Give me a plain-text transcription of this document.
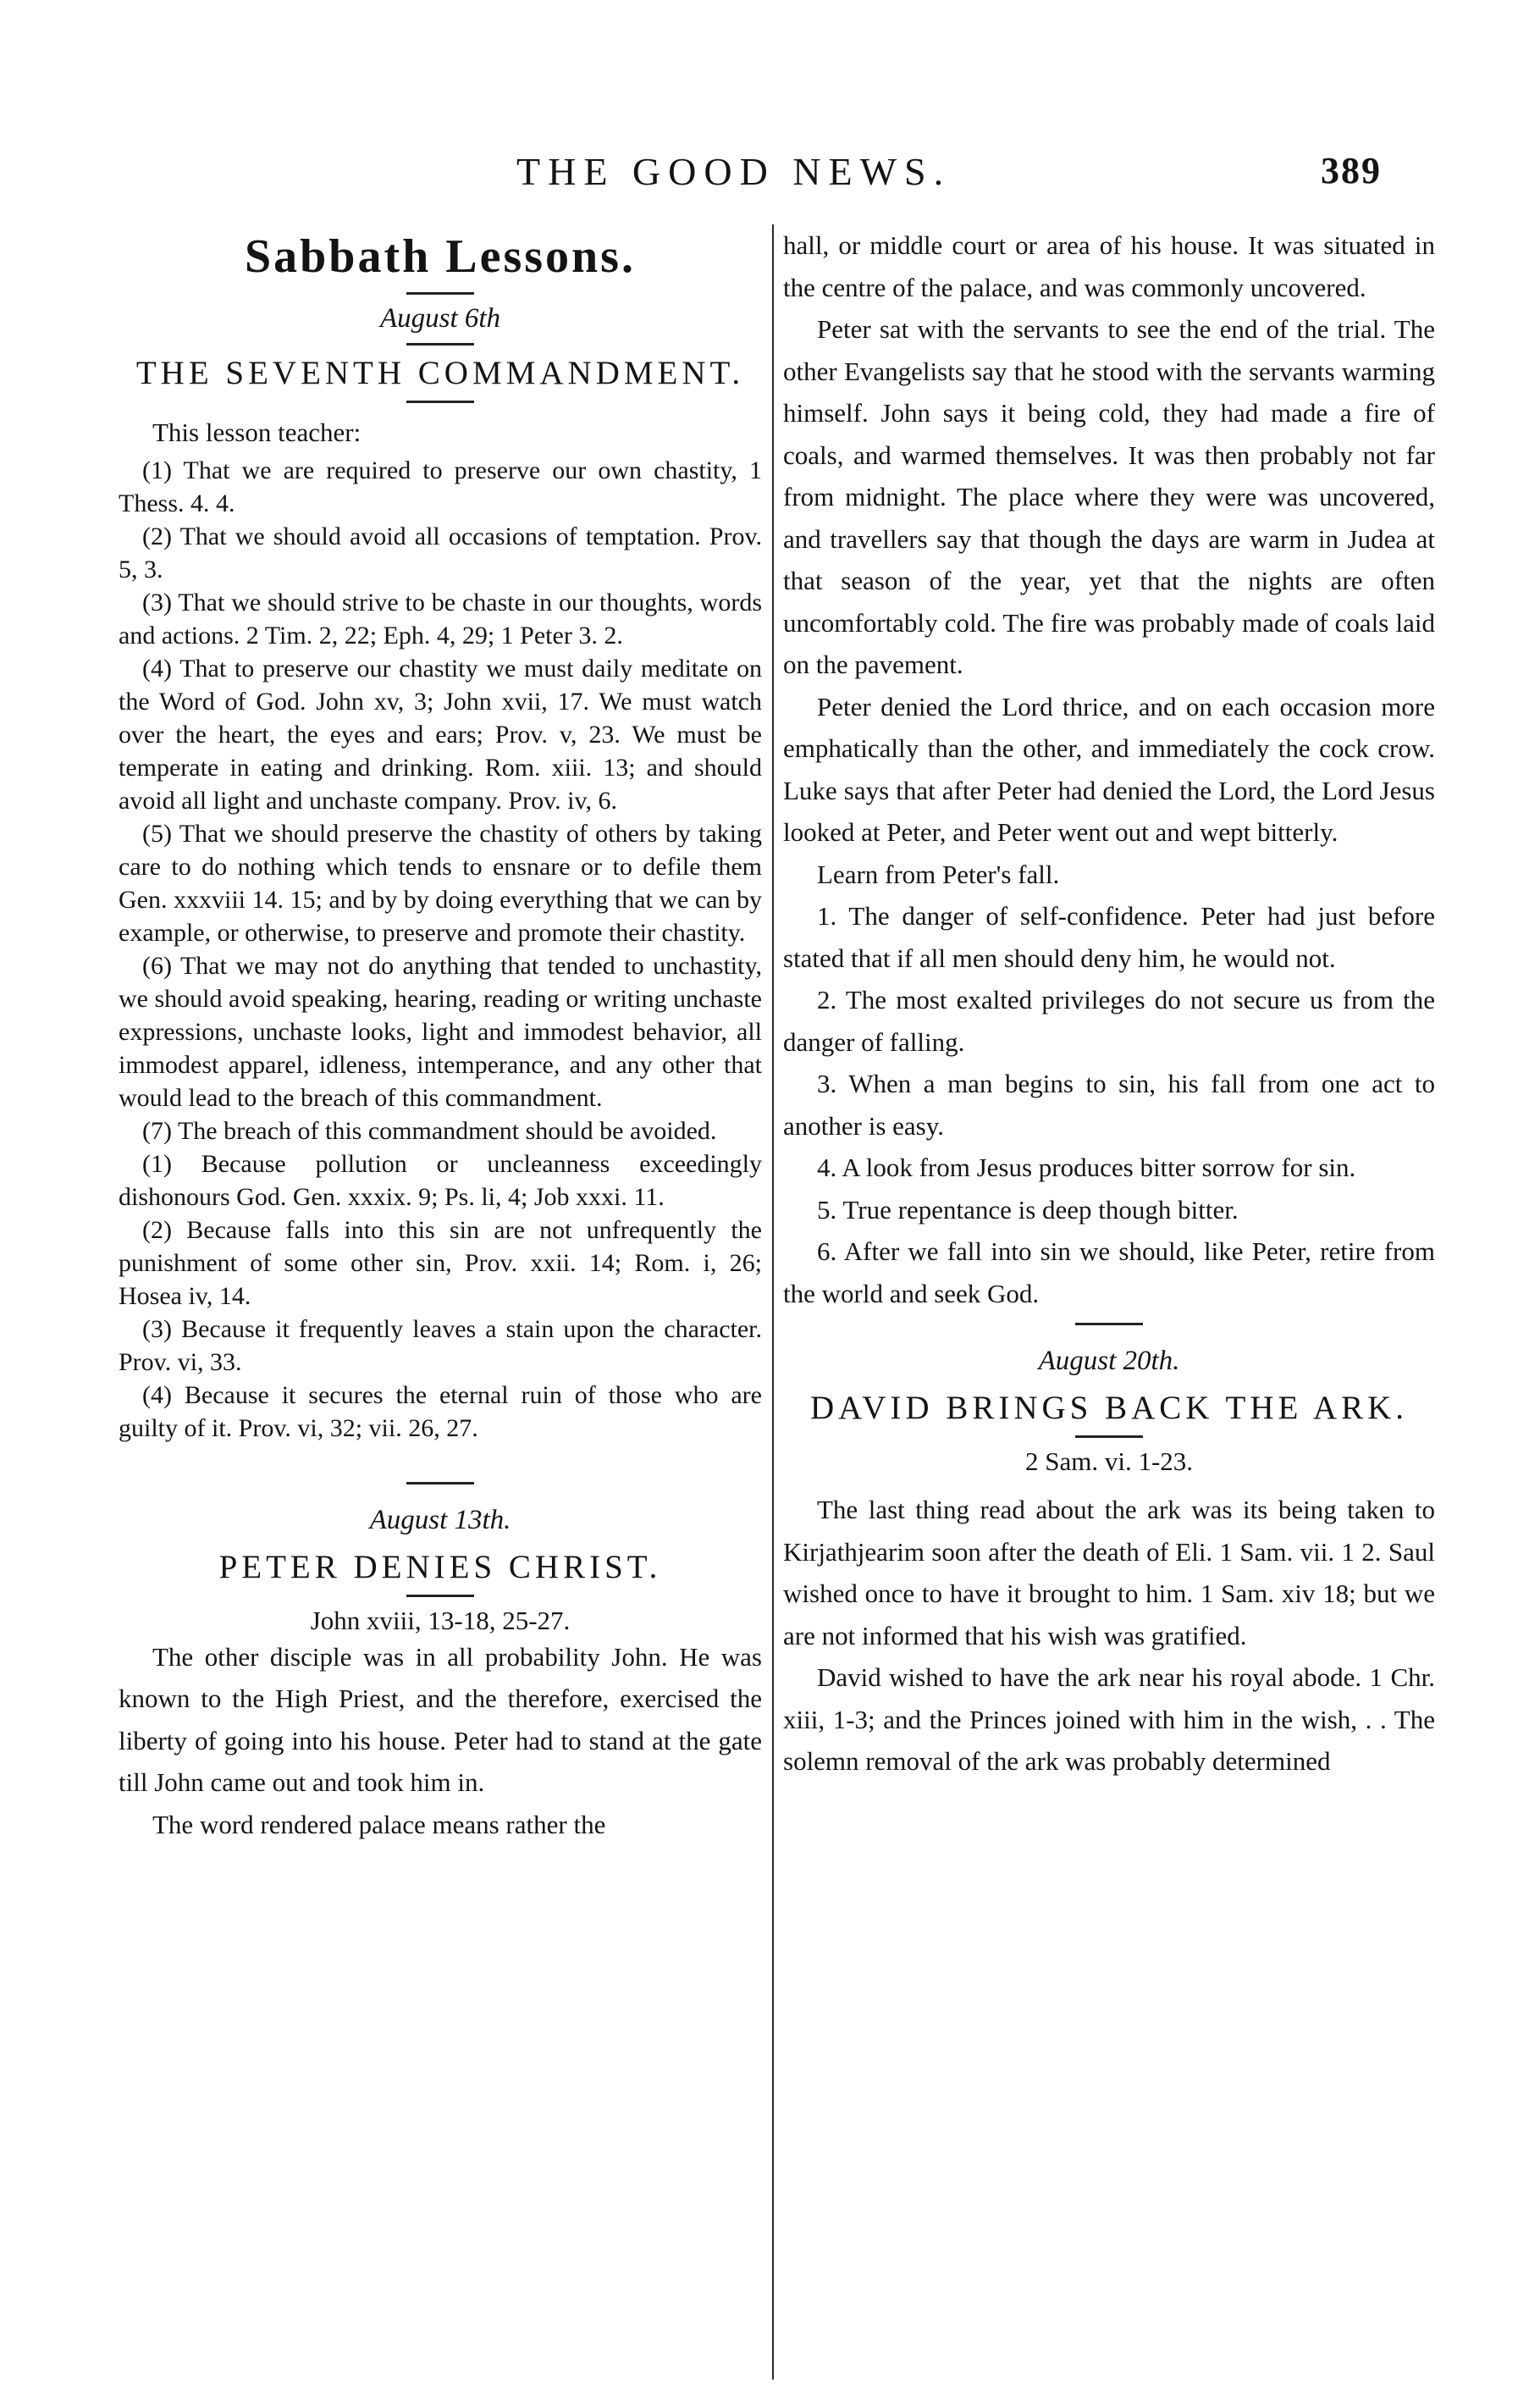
THE GOOD NEWS.	389
Sabbath Lessons.

August 6th

THE SEVENTH COMMANDMENT.

This lesson teacher:

(1) That we are required to preserve our own chastity, 1 Thess. 4. 4.

(2) That we should avoid all occasions of temptation. Prov. 5, 3.

(3) That we should strive to be chaste in our thoughts, words and actions. 2 Tim. 2, 22; Eph. 4, 29; 1 Peter 3. 2.

(4) That to preserve our chastity we must daily meditate on the Word of God. John xv, 3; John xvii, 17. We must watch over the heart, the eyes and ears; Prov. v, 23. We must be temperate in eating and drinking. Rom. xiii. 13; and should avoid all light and unchaste company. Prov. iv, 6.

(5) That we should preserve the chastity of others by taking care to do nothing which tends to ensnare or to defile them Gen. xxxviii 14. 15; and by by doing everything that we can by example, or otherwise, to preserve and promote their chastity.

(6) That we may not do anything that tended to unchastity, we should avoid speaking, hearing, reading or writing unchaste expressions, unchaste looks, light and immodest behavior, all immodest apparel, idleness, intemperance, and any other that would lead to the breach of this commandment.

(7) The breach of this commandment should be avoided.

(1) Because pollution or uncleanness exceedingly dishonours God. Gen. xxxix. 9; Ps. li, 4; Job xxxi. 11.

(2) Because falls into this sin are not unfrequently the punishment of some other sin, Prov. xxii. 14; Rom. i, 26; Hosea iv, 14.

(3) Because it frequently leaves a stain upon the character. Prov. vi, 33.

(4) Because it secures the eternal ruin of those who are guilty of it. Prov. vi, 32; vii. 26, 27.

August 13th.

PETER DENIES CHRIST.

John xviii, 13-18, 25-27.

The other disciple was in all probability John. He was known to the High Priest, and the therefore, exercised the liberty of going into his house. Peter had to stand at the gate till John came out and took him in.

The word rendered palace means rather the

hall, or middle court or area of his house. It was situated in the centre of the palace, and was commonly uncovered.

Peter sat with the servants to see the end of the trial. The other Evangelists say that he stood with the servants warming himself. John says it being cold, they had made a fire of coals, and warmed themselves. It was then probably not far from midnight. The place where they were was uncovered, and travellers say that though the days are warm in Judea at that season of the year, yet that the nights are often uncomfortably cold. The fire was probably made of coals laid on the pavement.

Peter denied the Lord thrice, and on each occasion more emphatically than the other, and immediately the cock crow. Luke says that after Peter had denied the Lord, the Lord Jesus looked at Peter, and Peter went out and wept bitterly.

Learn from Peter's fall.

1. The danger of self-confidence. Peter had just before stated that if all men should deny him, he would not.

2. The most exalted privileges do not secure us from the danger of falling.

3. When a man begins to sin, his fall from one act to another is easy.

4. A look from Jesus produces bitter sorrow for sin.

5. True repentance is deep though bitter.

6. After we fall into sin we should, like Peter, retire from the world and seek God.

August 20th.

DAVID BRINGS BACK THE ARK.

2 Sam. vi. 1-23.

The last thing read about the ark was its being taken to Kirjathjearim soon after the death of Eli. 1 Sam. vii. 1 2. Saul wished once to have it brought to him. 1 Sam. xiv 18; but we are not informed that his wish was gratified.

David wished to have the ark near his royal abode. 1 Chr. xiii, 1-3; and the Princes joined with him in the wish, . . The solemn removal of the ark was probably determined
